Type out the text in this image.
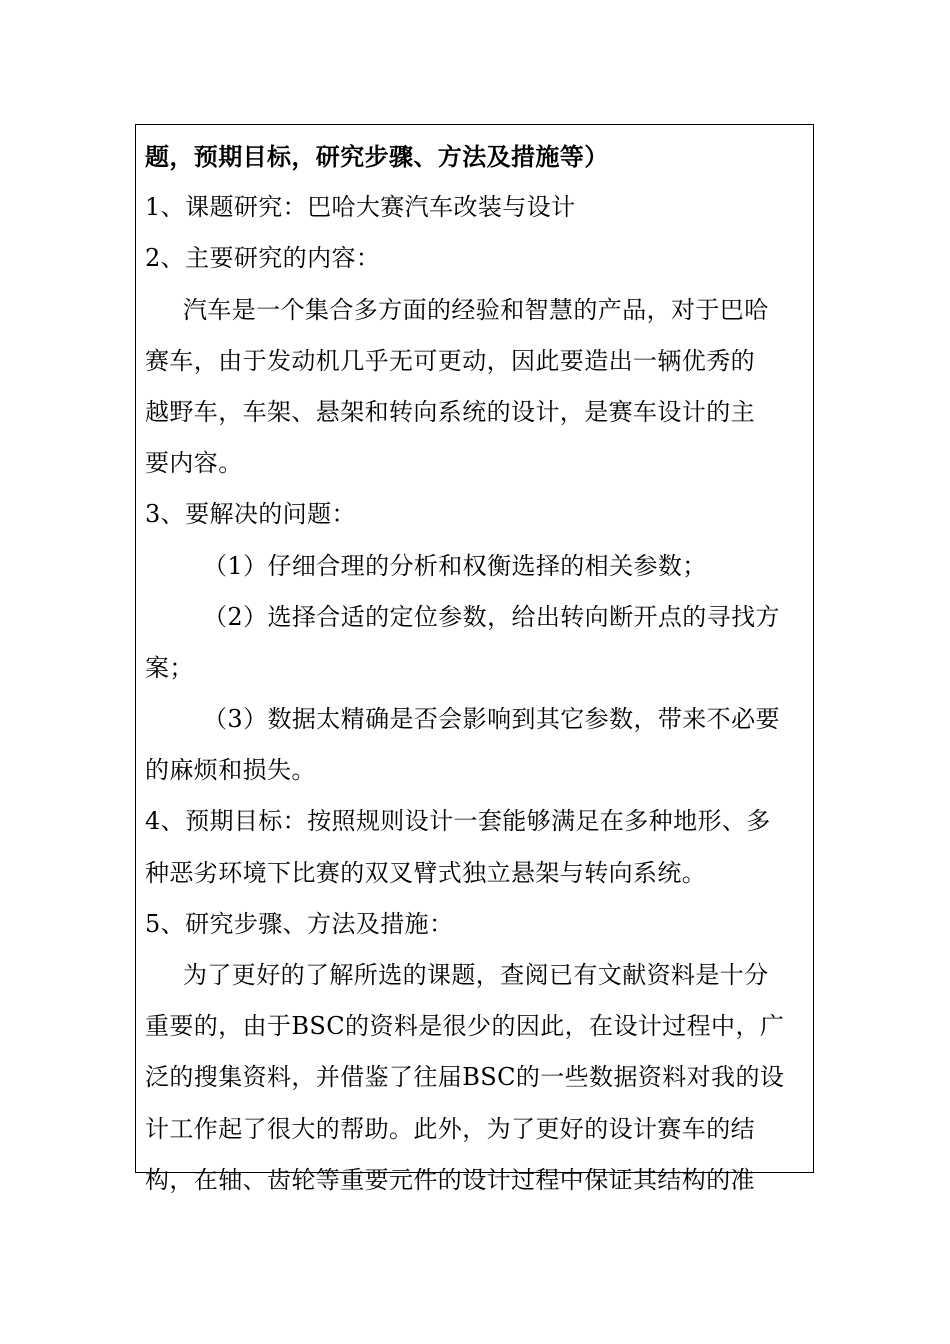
题，预期目标，研究步骤、方法及措施等）
1、课题研究：巴哈大赛汽车改装与设计
2、主要研究的内容：
汽车是一个集合多方面的经验和智慧的产品，对于巴哈
赛车，由于发动机几乎无可更动，因此要造出一辆优秀的
越野车，车架、悬架和转向系统的设计，是赛车设计的主
要内容。
3、要解决的问题：
（1）仔细合理的分析和权衡选择的相关参数；
（2）选择合适的定位参数，给出转向断开点的寻找方
案；
（3）数据太精确是否会影响到其它参数，带来不必要
的麻烦和损失。
4、预期目标：按照规则设计一套能够满足在多种地形、多
种恶劣环境下比赛的双叉臂式独立悬架与转向系统。
5、研究步骤、方法及措施：
为了更好的了解所选的课题，查阅已有文献资料是十分
重要的，由于BSC的资料是很少的因此，在设计过程中，广
泛的搜集资料，并借鉴了往届BSC的一些数据资料对我的设
计工作起了很大的帮助。此外，为了更好的设计赛车的结
构，在轴、齿轮等重要元件的设计过程中保证其结构的准
